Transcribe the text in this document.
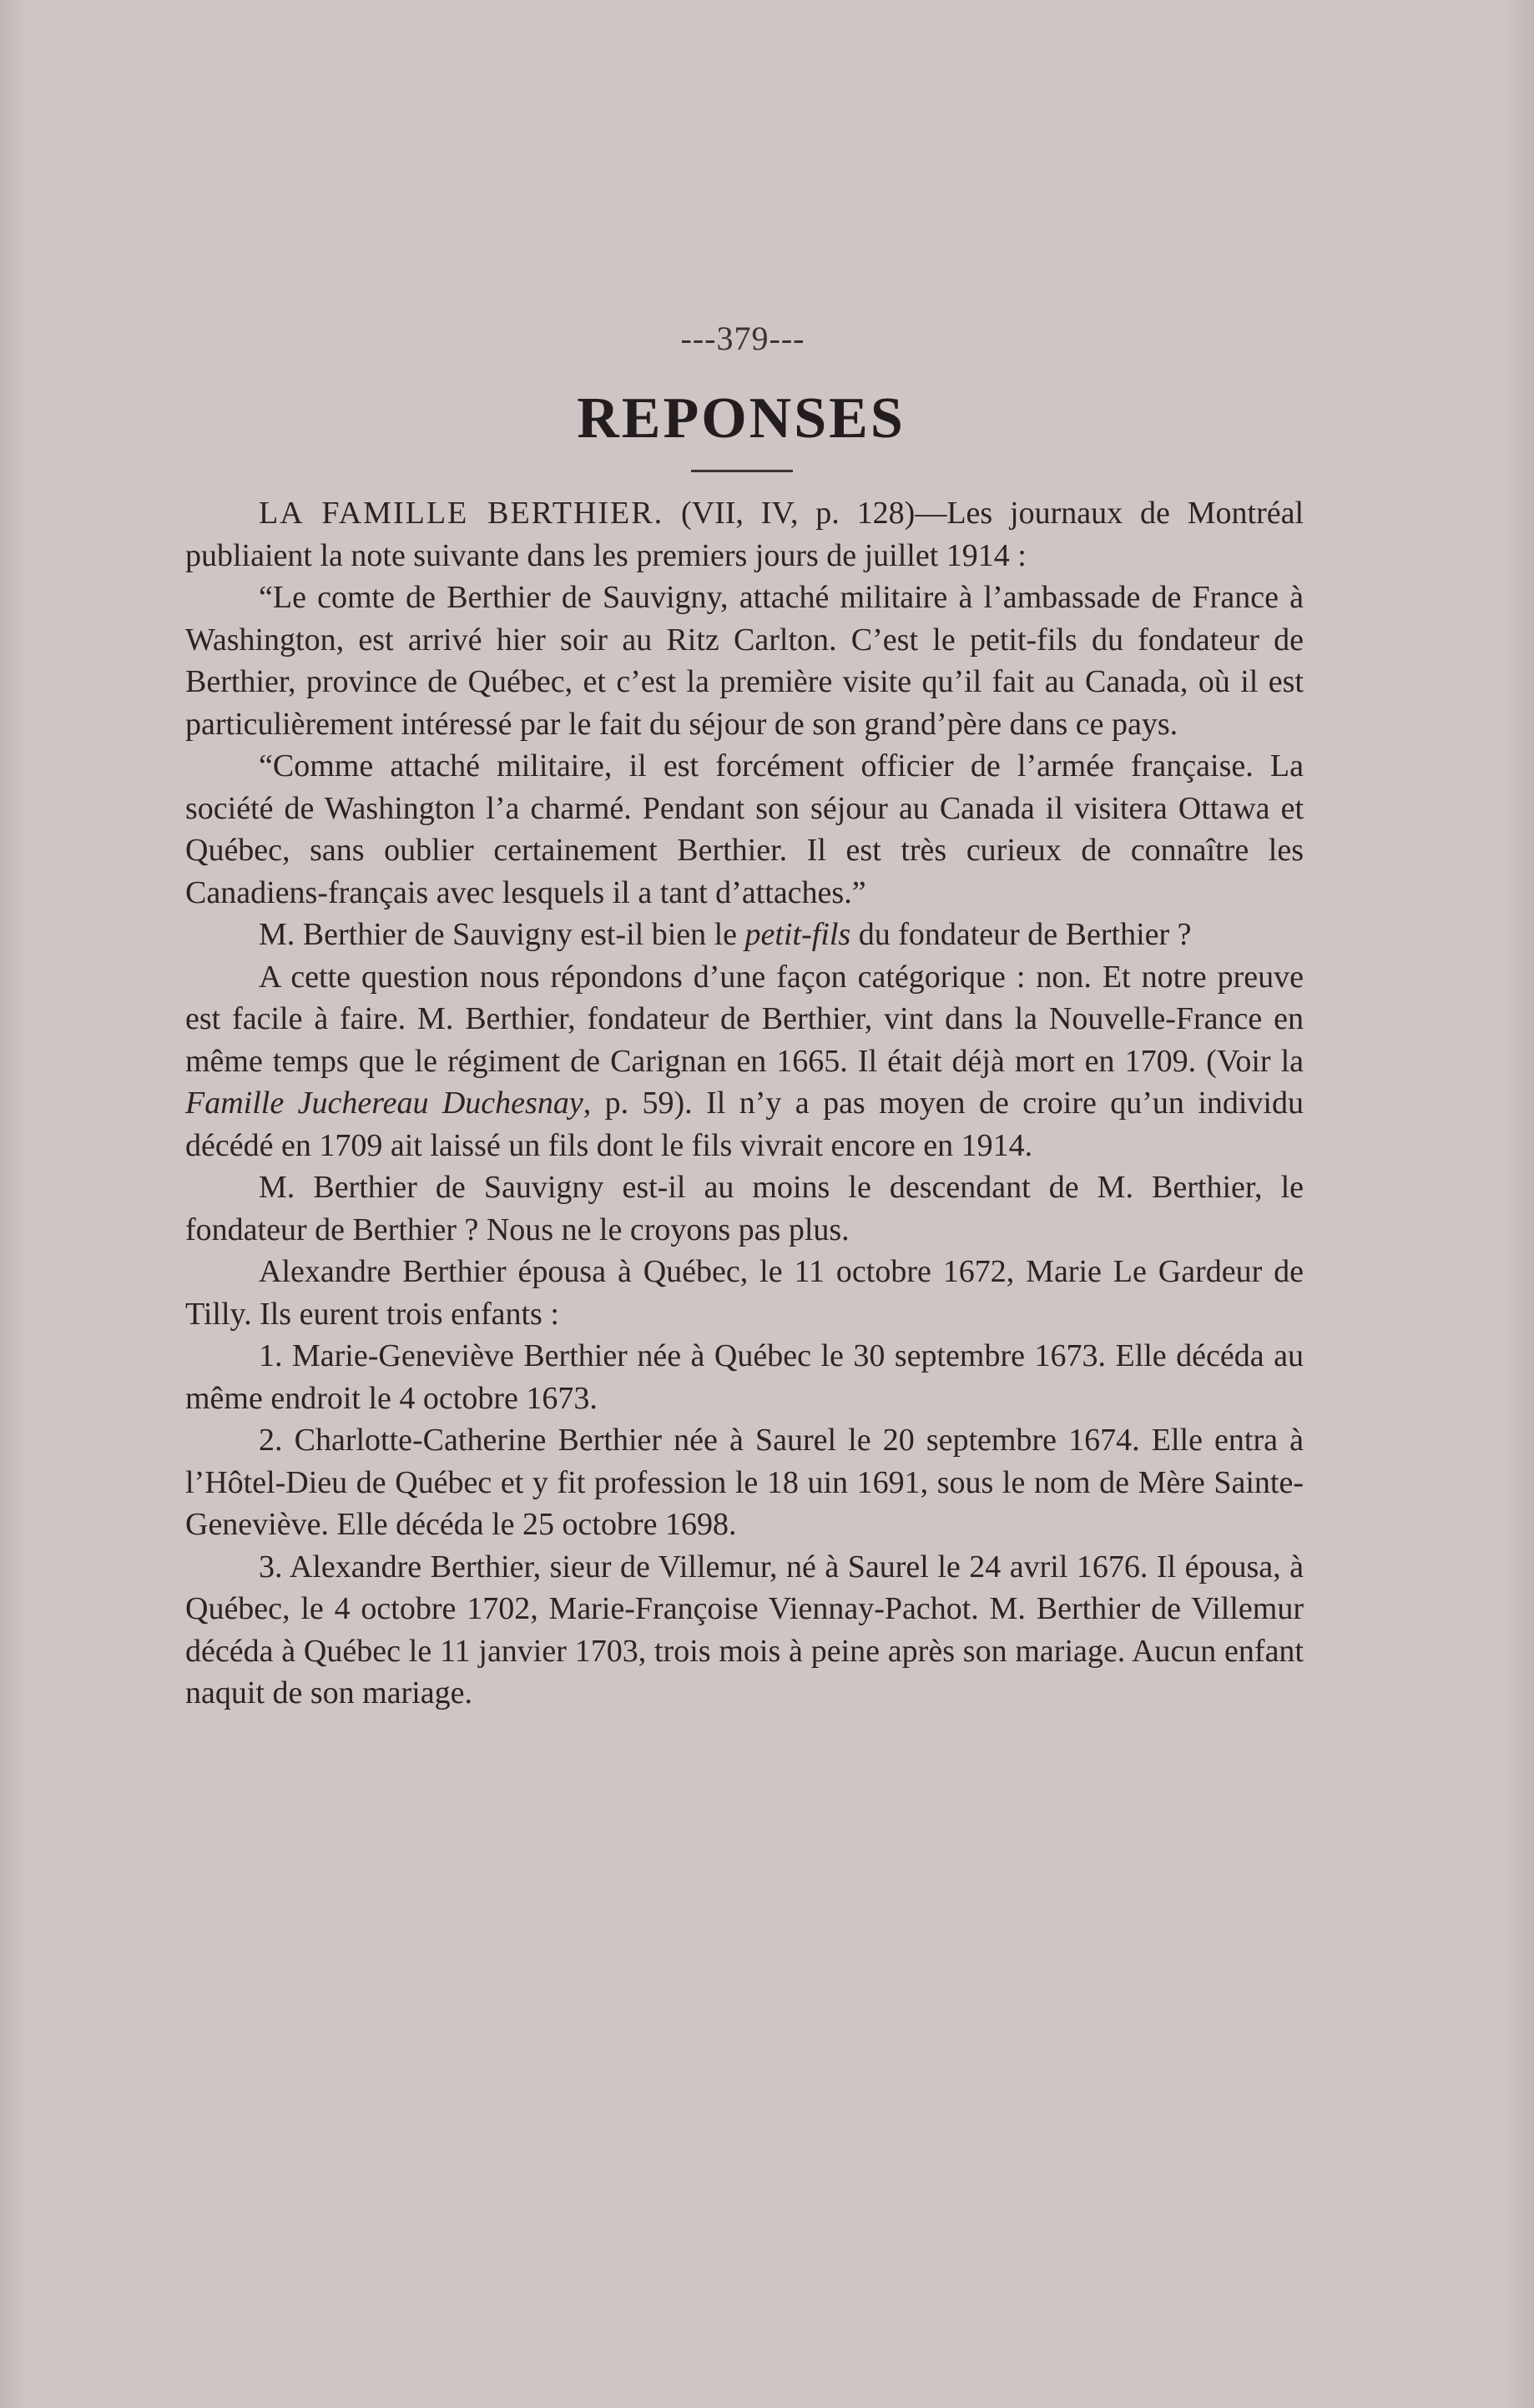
---379---
REPONSES

LA FAMILLE BERTHIER. (VII, IV, p. 128)—Les journaux de Montréal publiaient la note suivante dans les premiers jours de juillet 1914 :

“Le comte de Berthier de Sauvigny, attaché militaire à l’ambassade de France à Washington, est arrivé hier soir au Ritz Carlton. C’est le petit-fils du fondateur de Berthier, province de Québec, et c’est la première visite qu’il fait au Canada, où il est particulièrement intéressé par le fait du séjour de son grand’père dans ce pays.

“Comme attaché militaire, il est forcément officier de l’armée française. La société de Washington l’a charmé. Pendant son séjour au Canada il visitera Ottawa et Québec, sans oublier certainement Berthier. Il est très curieux de connaître les Canadiens-français avec lesquels il a tant d’attaches.”

M. Berthier de Sauvigny est-il bien le petit-fils du fondateur de Berthier ?

A cette question nous répondons d’une façon catégorique : non. Et notre preuve est facile à faire. M. Berthier, fondateur de Berthier, vint dans la Nouvelle-France en même temps que le régiment de Carignan en 1665. Il était déjà mort en 1709. (Voir la Famille Juchereau Duchesnay, p. 59). Il n’y a pas moyen de croire qu’un individu décédé en 1709 ait laissé un fils dont le fils vivrait encore en 1914.

M. Berthier de Sauvigny est-il au moins le descendant de M. Berthier, le fondateur de Berthier ? Nous ne le croyons pas plus.

Alexandre Berthier épousa à Québec, le 11 octobre 1672, Marie Le Gardeur de Tilly. Ils eurent trois enfants :

1. Marie-Geneviève Berthier née à Québec le 30 septembre 1673. Elle décéda au même endroit le 4 octobre 1673.

2. Charlotte-Catherine Berthier née à Saurel le 20 septembre 1674. Elle entra à l’Hôtel-Dieu de Québec et y fit profession le 18 uin 1691, sous le nom de Mère Sainte-Geneviève. Elle décéda le 25 octobre 1698.

3. Alexandre Berthier, sieur de Villemur, né à Saurel le 24 avril 1676. Il épousa, à Québec, le 4 octobre 1702, Marie-Françoise Viennay-Pachot. M. Berthier de Villemur décéda à Québec le 11 janvier 1703, trois mois à peine après son mariage. Aucun enfant naquit de son mariage.
